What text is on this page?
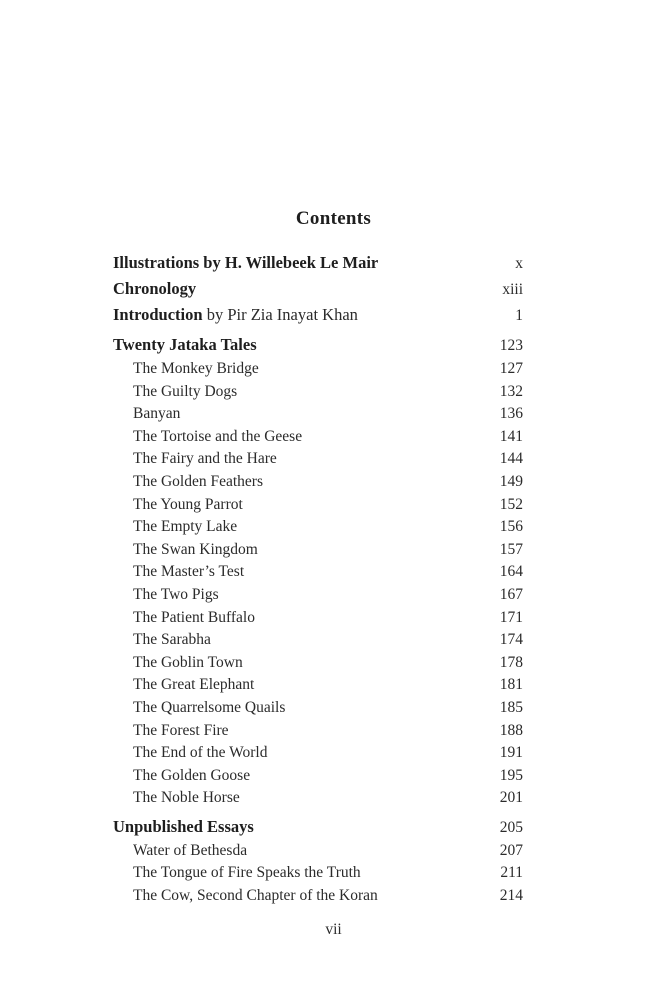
Contents
Illustrations by H. Willebeek Le Mair	x
Chronology	xiii
Introduction by Pir Zia Inayat Khan	1
Twenty Jataka Tales	123
The Monkey Bridge	127
The Guilty Dogs	132
Banyan	136
The Tortoise and the Geese	141
The Fairy and the Hare	144
The Golden Feathers	149
The Young Parrot	152
The Empty Lake	156
The Swan Kingdom	157
The Master’s Test	164
The Two Pigs	167
The Patient Buffalo	171
The Sarabha	174
The Goblin Town	178
The Great Elephant	181
The Quarrelsome Quails	185
The Forest Fire	188
The End of the World	191
The Golden Goose	195
The Noble Horse	201
Unpublished Essays	205
Water of Bethesda	207
The Tongue of Fire Speaks the Truth	211
The Cow, Second Chapter of the Koran	214
vii
